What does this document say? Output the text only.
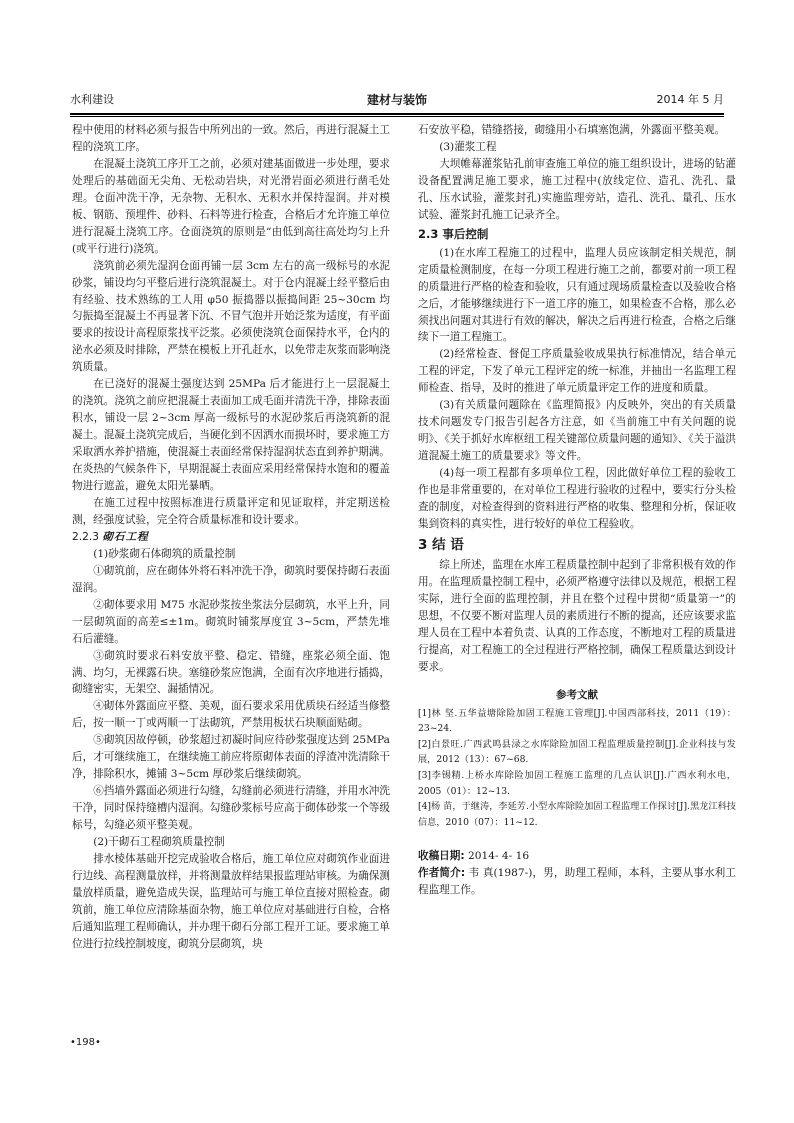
水利建设	建材与装饰	2014 年 5 月

程中使用的材料必须与报告中所列出的一致。然后，再进行混凝土工程的浇筑工序。

在混凝土浇筑工序开工之前，必须对建基面做进一步处理，要求处理后的基础面无尖角、无松动岩块，对光滑岩面必须进行凿毛处理。仓面冲洗干净，无杂物、无积水、无积水并保持湿润。并对模板、钢筋、预埋件、砂料、石料等进行检查，合格后才允许施工单位进行混凝土浇筑工序。仓面浇筑的原则是“由低到高往高处均匀上升(或平行进行)浇筑。

浇筑前必须先湿润仓面再铺一层 3cm 左右的高一级标号的水泥砂浆，铺设均匀平整后进行浇筑混凝土。对于仓内混凝土经平整后由有经验、技术熟练的工人用 φ50 振捣器以振捣间距 25~30cm 均匀振捣至混凝土不再显著下沉、不冒气泡并开始泛浆为适度，有平面要求的按设计高程原浆找平泛浆。必须使浇筑仓面保持水平，仓内的泌水必须及时排除，严禁在模板上开孔赶水，以免带走灰浆而影响浇筑质量。

在已浇好的混凝土强度达到 25MPa 后才能进行上一层混凝土的浇筑。浇筑之前应把混凝土表面加工成毛面并清洗干净，排除表面积水，铺设一层 2~3cm 厚高一级标号的水泥砂浆后再浇筑新的混凝土。混凝土浇筑完成后，当硬化到不因洒水而损坏时，要求施工方采取洒水养护措施，使混凝土表面经常保持湿润状态直到养护期满。在炎热的气候条件下，早期混凝土表面应采用经常保持水饱和的覆盖物进行遮盖，避免太阳光暴晒。

在施工过程中按照标准进行质量评定和见证取样，并定期送检测，经强度试验，完全符合质量标准和设计要求。

2.2.3 砌石工程

(1)砂浆砌石体砌筑的质量控制

①砌筑前，应在砌体外将石料冲洗干净，砌筑时要保持砌石表面湿润。

②砌体要求用 M75 水泥砂浆按坐浆法分层砌筑，水平上升，同一层砌筑面的高差≤±1m。砌筑时铺浆厚度宜 3~5cm，严禁先堆石后灌缝。

③砌筑时要求石料安放平整、稳定、错缝，座浆必须全面、饱满、均匀，无裸露石块。塞缝砂浆应饱满，全面有次序地进行插捣，砌缝密实，无架空、漏插情况。

④砌体外露面应平整、美观，面石要求采用优质块石经适当修整后，按一顺一丁或两顺一丁法砌筑，严禁用板状石块顺面贴砌。

⑤砌筑因故停顿，砂浆超过初凝时间应待砂浆强度达到 25MPa 后，才可继续施工，在继续施工前应将原砌体表面的浮渣冲洗清除干净，排除积水，摊铺 3~5cm 厚砂浆后继续砌筑。

⑥挡墙外露面必须进行勾缝，勾缝前必须进行清缝，并用水冲洗干净，同时保持缝槽内湿润。勾缝砂浆标号应高于砌体砂浆一个等级标号，勾缝必须平整美观。

(2)干砌石工程砌筑质量控制

排水棱体基础开挖完成验收合格后，施工单位应对砌筑作业面进行边线、高程测量放样，并将测量放样结果报监理站审核。为确保测量放样质量，避免造成失误，监理站可与施工单位直接对照检查。砌筑前，施工单位应清除基面杂物，施工单位应对基础进行自检，合格后通知监理工程师确认，并办理干砌石分部工程开工证。要求施工单位进行拉线控制坡度，砌筑分层砌筑，块

石安放平稳，错缝搭接，砌缝用小石填塞饱满，外露面平整美观。

(3)灌浆工程

大坝帷幕灌浆钻孔前审查施工单位的施工组织设计，进场的钻灌设备配置满足施工要求，施工过程中(放线定位、造孔、洗孔、量孔、压水试验，灌浆封孔)实施监理旁站，造孔、洗孔、量孔、压水试验、灌浆封孔施工记录齐全。

2.3 事后控制

(1)在水库工程施工的过程中，监理人员应该制定相关规范，制定质量检测制度，在每一分项工程进行施工之前，都要对前一项工程的质量进行严格的检查和验收，只有通过现场质量检查以及验收合格之后，才能够继续进行下一道工序的施工，如果检查不合格，那么必须找出问题对其进行有效的解决，解决之后再进行检查，合格之后继续下一道工程施工。

(2)经常检查、督促工序质量验收成果执行标准情况，结合单元工程的评定，下发了单元工程评定的统一标准，并抽出一名监理工程师检查、指导，及时的推进了单元质量评定工作的进度和质量。

(3)有关质量问题除在《监理简报》内反映外，突出的有关质量技术问题发专门报告引起各方注意，如《当前施工中有关问题的说明》、《关于抓好水库枢纽工程关键部位质量问题的通知》、《关于溢洪道混凝土施工的质量要求》等文件。

(4)每一项工程都有多项单位工程，因此做好单位工程的验收工作也是非常重要的，在对单位工程进行验收的过程中，要实行分头检查的制度，对检查得到的资料进行严格的收集、整理和分析，保证收集到资料的真实性，进行较好的单位工程验收。

3 结 语

综上所述，监理在水库工程质量控制中起到了非常积极有效的作用。在监理质量控制工程中，必须严格遵守法律以及规范，根据工程实际，进行全面的监理控制，并且在整个过程中贯彻“质量第一”的思想，不仅要不断对监理人员的素质进行不断的提高，还应该要求监理人员在工程中本着负责、认真的工作态度，不断地对工程的质量进行提高，对工程施工的全过程进行严格控制，确保工程质量达到设计要求。

参考文献
[1]林 坚.五华益塘除险加固工程施工管理[J].中国西部科技，2011（19）：23~24.
[2]白景旺.广西武鸣县渌之水库除险加固工程监理质量控制[J].企业科技与发展，2012（13）：67~68.
[3]李锡精.上桥水库除险加固工程施工监理的几点认识[J].广西水利水电，2005（01）：12~13.
[4]杨 苗，于继涛，李延芳.小型水库除险加固工程监理工作探讨[J].黑龙江科技信息，2010（07）：11~12.
收稿日期: 2014- 4- 16
作者简介: 韦 真(1987-)，男，助理工程师，本科，主要从事水利工程监理工作。
•198•
